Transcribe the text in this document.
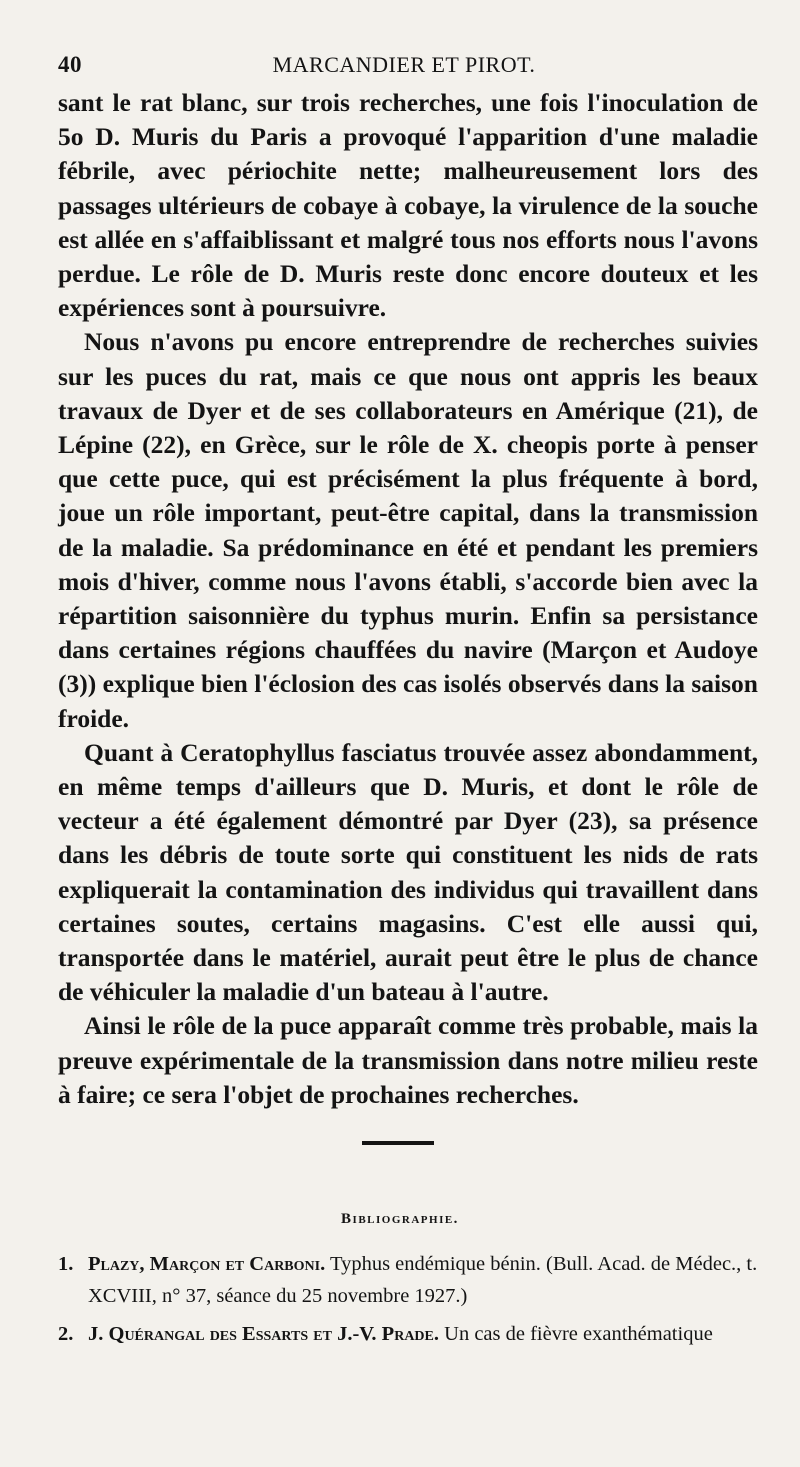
40	MARCANDIER ET PIROT.

sant le rat blanc, sur trois recherches, une fois l'inoculation de 5o D. Muris du Paris a provoqué l'apparition d'une maladie fébrile, avec périochite nette; malheureusement lors des passages ultérieurs de cobaye à cobaye, la virulence de la souche est allée en s'affaiblissant et malgré tous nos efforts nous l'avons perdue. Le rôle de D. Muris reste donc encore douteux et les expériences sont à poursuivre.

Nous n'avons pu encore entreprendre de recherches suivies sur les puces du rat, mais ce que nous ont appris les beaux travaux de Dyer et de ses collaborateurs en Amérique (21), de Lépine (22), en Grèce, sur le rôle de X. cheopis porte à penser que cette puce, qui est précisément la plus fréquente à bord, joue un rôle important, peut-être capital, dans la transmission de la maladie. Sa prédominance en été et pendant les premiers mois d'hiver, comme nous l'avons établi, s'accorde bien avec la répartition saisonnière du typhus murin. Enfin sa persistance dans certaines régions chauffées du navire (Marçon et Audoye (3)) explique bien l'éclosion des cas isolés observés dans la saison froide.

Quant à Ceratophyllus fasciatus trouvée assez abondamment, en même temps d'ailleurs que D. Muris, et dont le rôle de vecteur a été également démontré par Dyer (23), sa présence dans les débris de toute sorte qui constituent les nids de rats expliquerait la contamination des individus qui travaillent dans certaines soutes, certains magasins. C'est elle aussi qui, transportée dans le matériel, aurait peut être le plus de chance de véhiculer la maladie d'un bateau à l'autre.

Ainsi le rôle de la puce apparaît comme très probable, mais la preuve expérimentale de la transmission dans notre milieu reste à faire; ce sera l'objet de prochaines recherches.

Bibliographie.
1. Plazy, Marçon et Carboni. Typhus endémique bénin. (Bull. Acad. de Médec., t. XCVIII, n° 37, séance du 25 novembre 1927.)
2. J. Quérangal des Essarts et J.-V. Prade. Un cas de fièvre exanthématique
